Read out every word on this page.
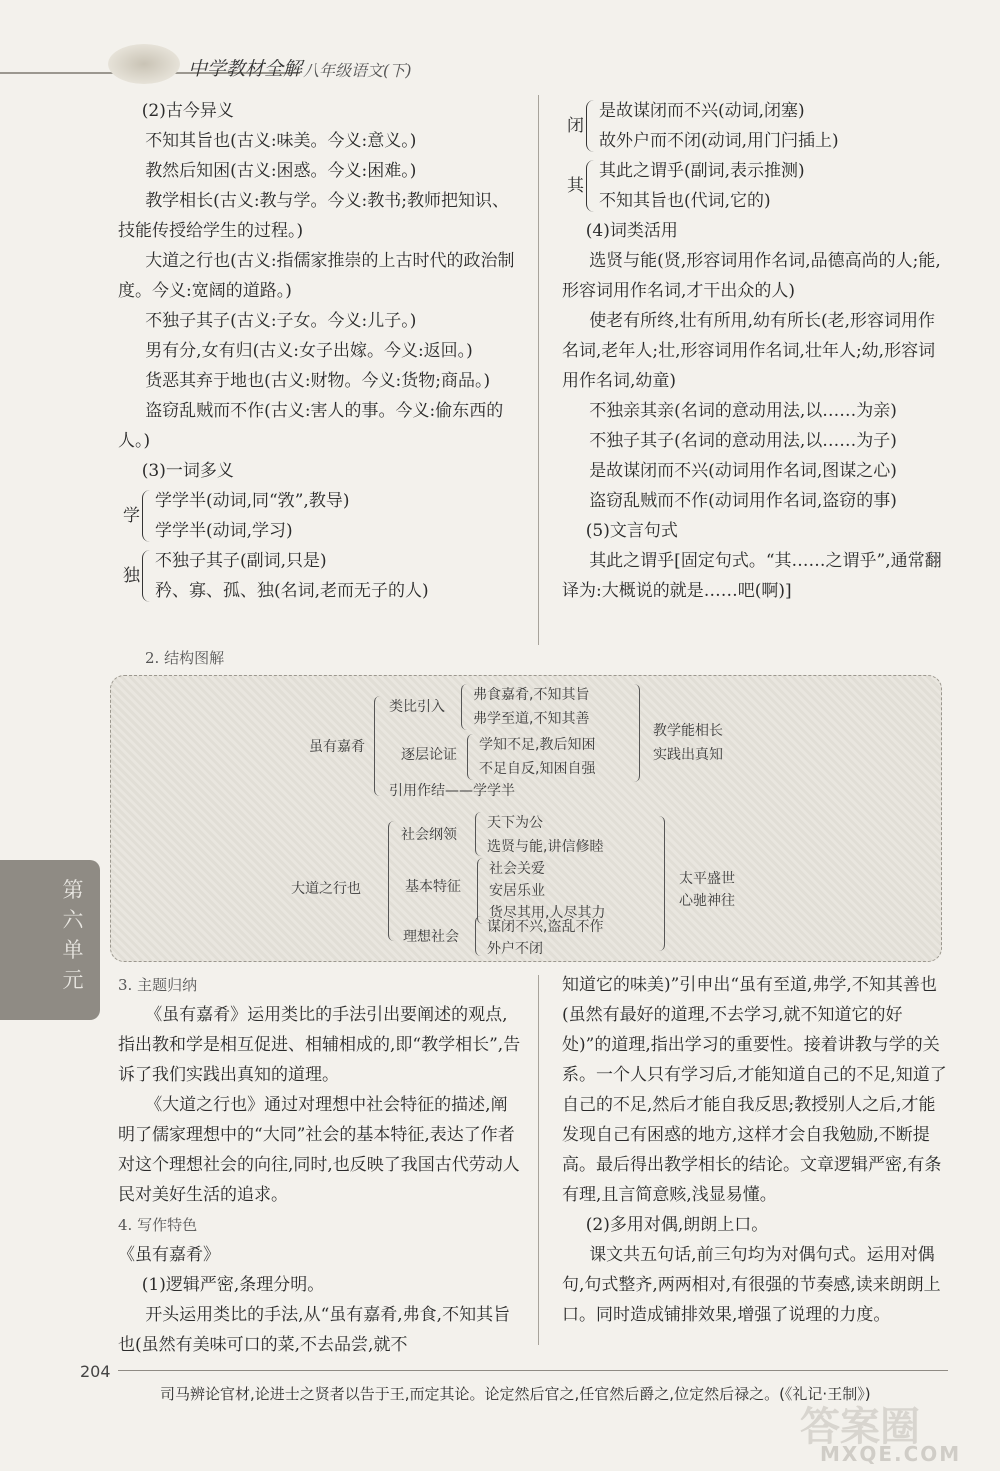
中学教材全解 八年级语文(下)

(2)古今异义

不知其旨也(古义:味美。今义:意义。)

教然后知困(古义:困惑。今义:困难。)

教学相长(古义:教与学。今义:教书;教师把知识、技能传授给学生的过程。)

大道之行也(古义:指儒家推崇的上古时代的政治制度。今义:宽阔的道路。)

不独子其子(古义:子女。今义:儿子。)

男有分,女有归(古义:女子出嫁。今义:返回。)

货恶其弃于地也(古义:财物。今义:货物;商品。)

盗窃乱贼而不作(古义:害人的事。今义:偷东西的人。)

(3)一词多义

学

学学半(动词,同“敩”,教导)

学学半(动词,学习)

独

不独子其子(副词,只是)

矜、寡、孤、独(名词,老而无子的人)

闭

是故谋闭而不兴(动词,闭塞)

故外户而不闭(动词,用门闩插上)

其

其此之谓乎(副词,表示推测)

不知其旨也(代词,它的)

(4)词类活用

选贤与能(贤,形容词用作名词,品德高尚的人;能,形容词用作名词,才干出众的人)

使老有所终,壮有所用,幼有所长(老,形容词用作名词,老年人;壮,形容词用作名词,壮年人;幼,形容词用作名词,幼童)

不独亲其亲(名词的意动用法,以……为亲)

不独子其子(名词的意动用法,以……为子)

是故谋闭而不兴(动词用作名词,图谋之心)

盗窃乱贼而不作(动词用作名词,盗窃的事)

(5)文言句式

其此之谓乎[固定句式。“其……之谓乎”,通常翻译为:大概说的就是……吧(啊)]

2. 结构图解
虽有嘉肴
类比引入
弗食嘉肴,不知其旨
弗学至道,不知其善
逐层论证
学知不足,教后知困
不足自反,知困自强
引用作结——学学半
教学能相长
实践出真知
大道之行也
社会纲领
天下为公
选贤与能,讲信修睦
基本特征
社会关爱
安居乐业
货尽其用,人尽其力
理想社会
谋闭不兴,盗乱不作
外户不闭
太平盛世
心驰神往
第六单元	3. 主题归纳

《虽有嘉肴》运用类比的手法引出要阐述的观点,指出教和学是相互促进、相辅相成的,即“教学相长”,告诉了我们实践出真知的道理。

《大道之行也》通过对理想中社会特征的描述,阐明了儒家理想中的“大同”社会的基本特征,表达了作者对这个理想社会的向往,同时,也反映了我国古代劳动人民对美好生活的追求。

4. 写作特色

《虽有嘉肴》

(1)逻辑严密,条理分明。

开头运用类比的手法,从“虽有嘉肴,弗食,不知其旨也(虽然有美味可口的菜,不去品尝,就不

知道它的味美)”引申出“虽有至道,弗学,不知其善也(虽然有最好的道理,不去学习,就不知道它的好处)”的道理,指出学习的重要性。接着讲教与学的关系。一个人只有学习后,才能知道自己的不足,知道了自己的不足,然后才能自我反思;教授别人之后,才能发现自己有困惑的地方,这样才会自我勉励,不断提高。最后得出教学相长的结论。文章逻辑严密,有条有理,且言简意赅,浅显易懂。

(2)多用对偶,朗朗上口。

课文共五句话,前三句均为对偶句式。运用对偶句,句式整齐,两两相对,有很强的节奏感,读来朗朗上口。同时造成铺排效果,增强了说理的力度。

204
司马辨论官材,论进士之贤者以告于王,而定其论。论定然后官之,任官然后爵之,位定然后禄之。(《礼记·王制》)
答案圈
MXQE.COM
